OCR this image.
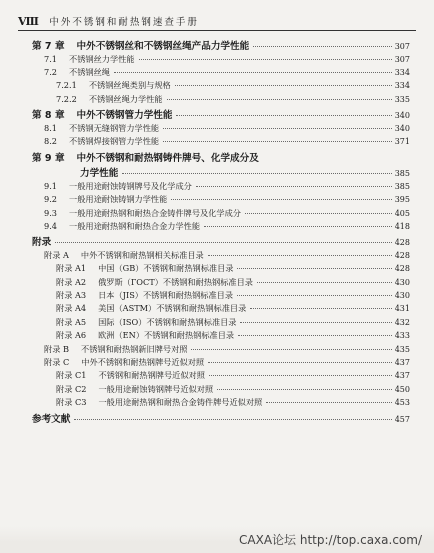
Ⅷ 中外不锈钢和耐热钢速查手册
第 7 章 中外不锈钢丝和不锈钢丝绳产品力学性能	307
7.1 不锈钢丝力学性能	307
7.2 不锈钢丝绳	334
7.2.1 不锈钢丝绳类别与规格	334
7.2.2 不锈钢丝绳力学性能	335
第 8 章 中外不锈钢管力学性能	340
8.1 不锈钢无缝钢管力学性能	340
8.2 不锈钢焊接钢管力学性能	371
第 9 章 中外不锈钢和耐热钢铸件牌号、化学成分及
力学性能	385
9.1 一般用途耐蚀铸钢牌号及化学成分	385
9.2 一般用途耐蚀铸钢力学性能	395
9.3 一般用途耐热钢和耐热合金铸件牌号及化学成分	405
9.4 一般用途耐热钢和耐热合金力学性能	418
附录	428
附录 A 中外不锈钢和耐热钢相关标准目录	428
附录 A1 中国（GB）不锈钢和耐热钢标准目录	428
附录 A2 俄罗斯（ГОСТ）不锈钢和耐热钢标准目录	430
附录 A3 日本（JIS）不锈钢和耐热钢标准目录	430
附录 A4 美国（ASTM）不锈钢和耐热钢标准目录	431
附录 A5 国际（ISO）不锈钢和耐热钢标准目录	432
附录 A6 欧洲（EN）不锈钢和耐热钢标准目录	433
附录 B 不锈钢和耐热钢新旧牌号对照	435
附录 C 中外不锈钢和耐热钢牌号近似对照	437
附录 C1 不锈钢和耐热钢牌号近似对照	437
附录 C2 一般用途耐蚀铸钢牌号近似对照	450
附录 C3 一般用途耐热钢和耐热合金铸件牌号近似对照	453
参考文献	457
CAXA论坛 http://top.caxa.com/
